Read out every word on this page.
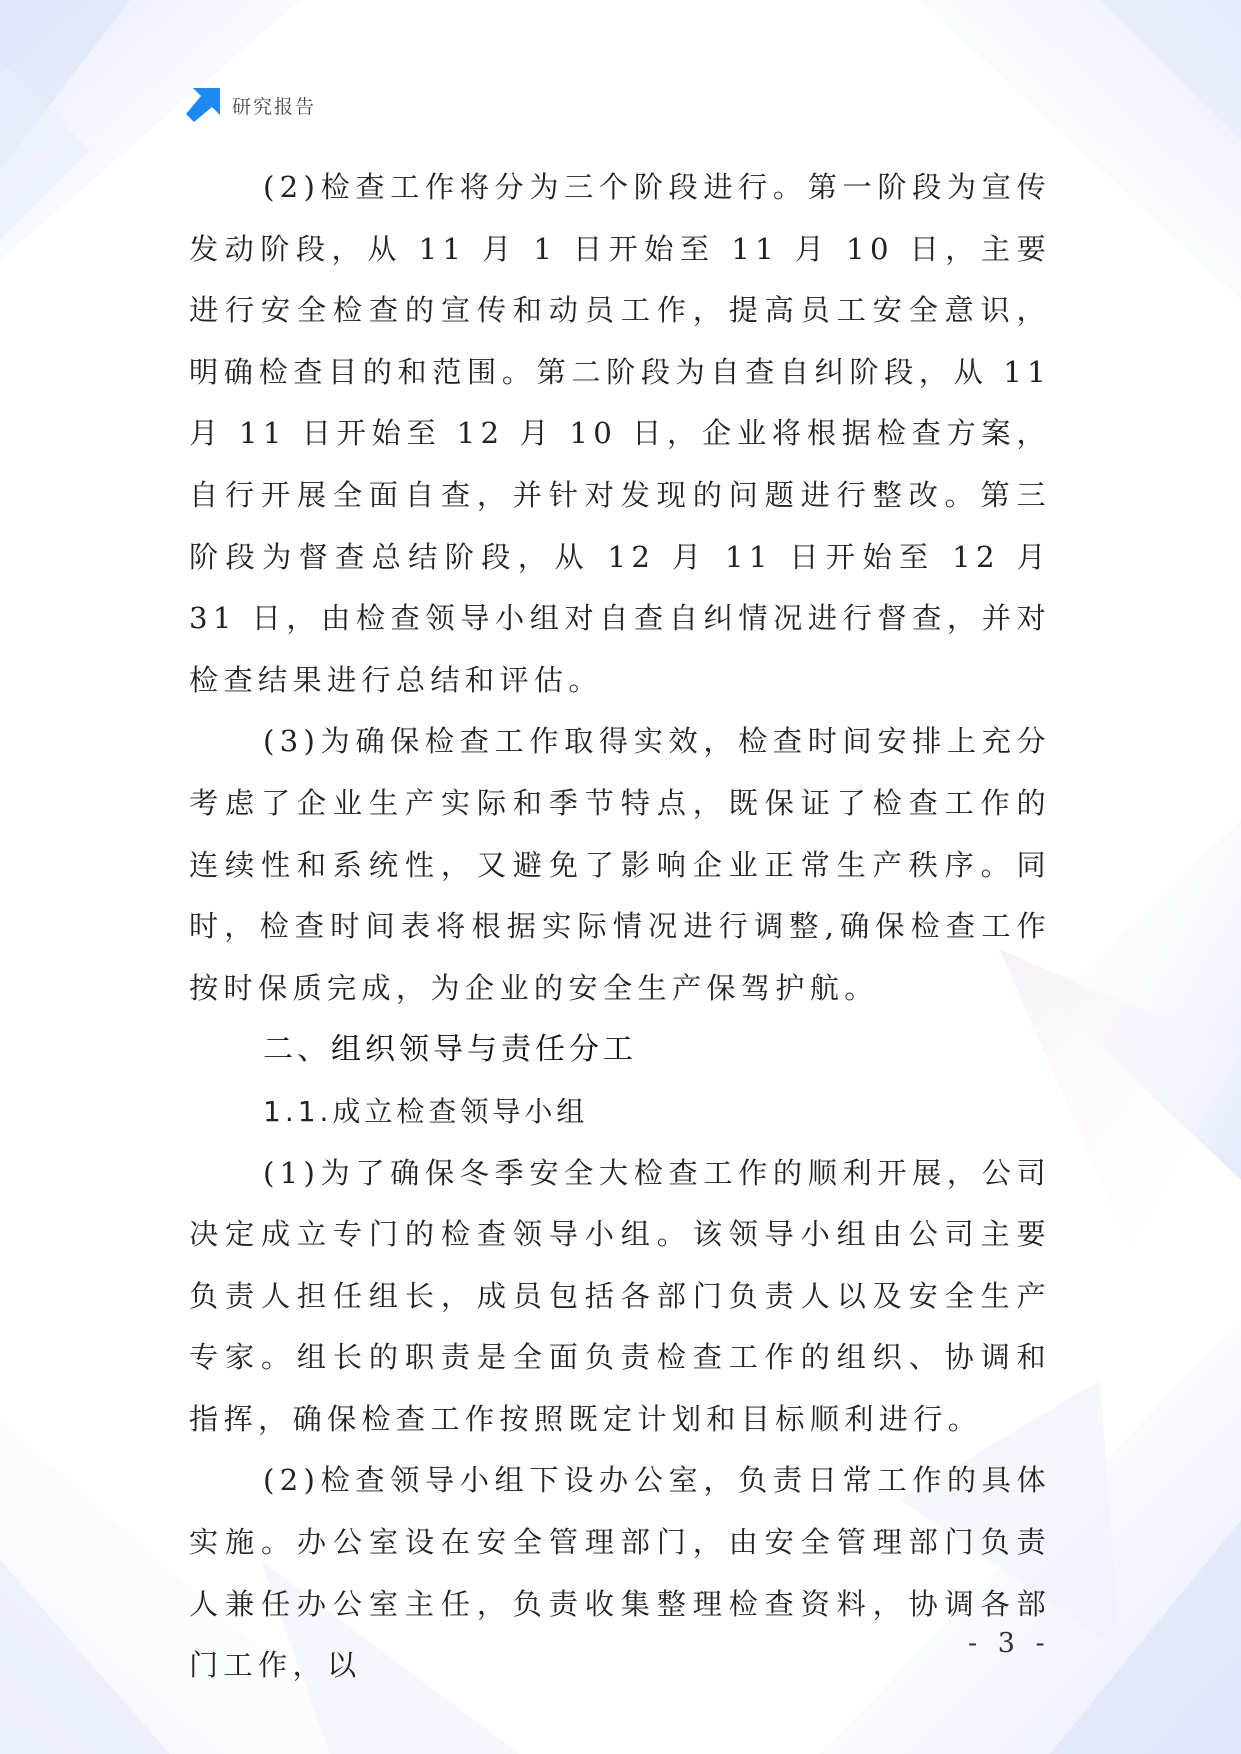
研究报告

(2)检查工作将分为三个阶段进行。第一阶段为宣传发动阶段，从 11 月 1 日开始至 11 月 10 日，主要进行安全检查的宣传和动员工作，提高员工安全意识，明确检查目的和范围。第二阶段为自查自纠阶段，从 11 月 11 日开始至 12 月 10 日，企业将根据检查方案，自行开展全面自查，并针对发现的问题进行整改。第三阶段为督查总结阶段，从 12 月 11 日开始至 12 月 31 日，由检查领导小组对自查自纠情况进行督查，并对检查结果进行总结和评估。

(3)为确保检查工作取得实效，检查时间安排上充分考虑了企业生产实际和季节特点，既保证了检查工作的连续性和系统性，又避免了影响企业正常生产秩序。同时，检查时间表将根据实际情况进行调整,确保检查工作按时保质完成，为企业的安全生产保驾护航。

二、组织领导与责任分工

1.1.成立检查领导小组

(1)为了确保冬季安全大检查工作的顺利开展，公司决定成立专门的检查领导小组。该领导小组由公司主要负责人担任组长，成员包括各部门负责人以及安全生产专家。组长的职责是全面负责检查工作的组织、协调和指挥，确保检查工作按照既定计划和目标顺利进行。

(2)检查领导小组下设办公室，负责日常工作的具体实施。办公室设在安全管理部门，由安全管理部门负责人兼任办公室主任，负责收集整理检查资料，协调各部门工作，以

- 3 -
